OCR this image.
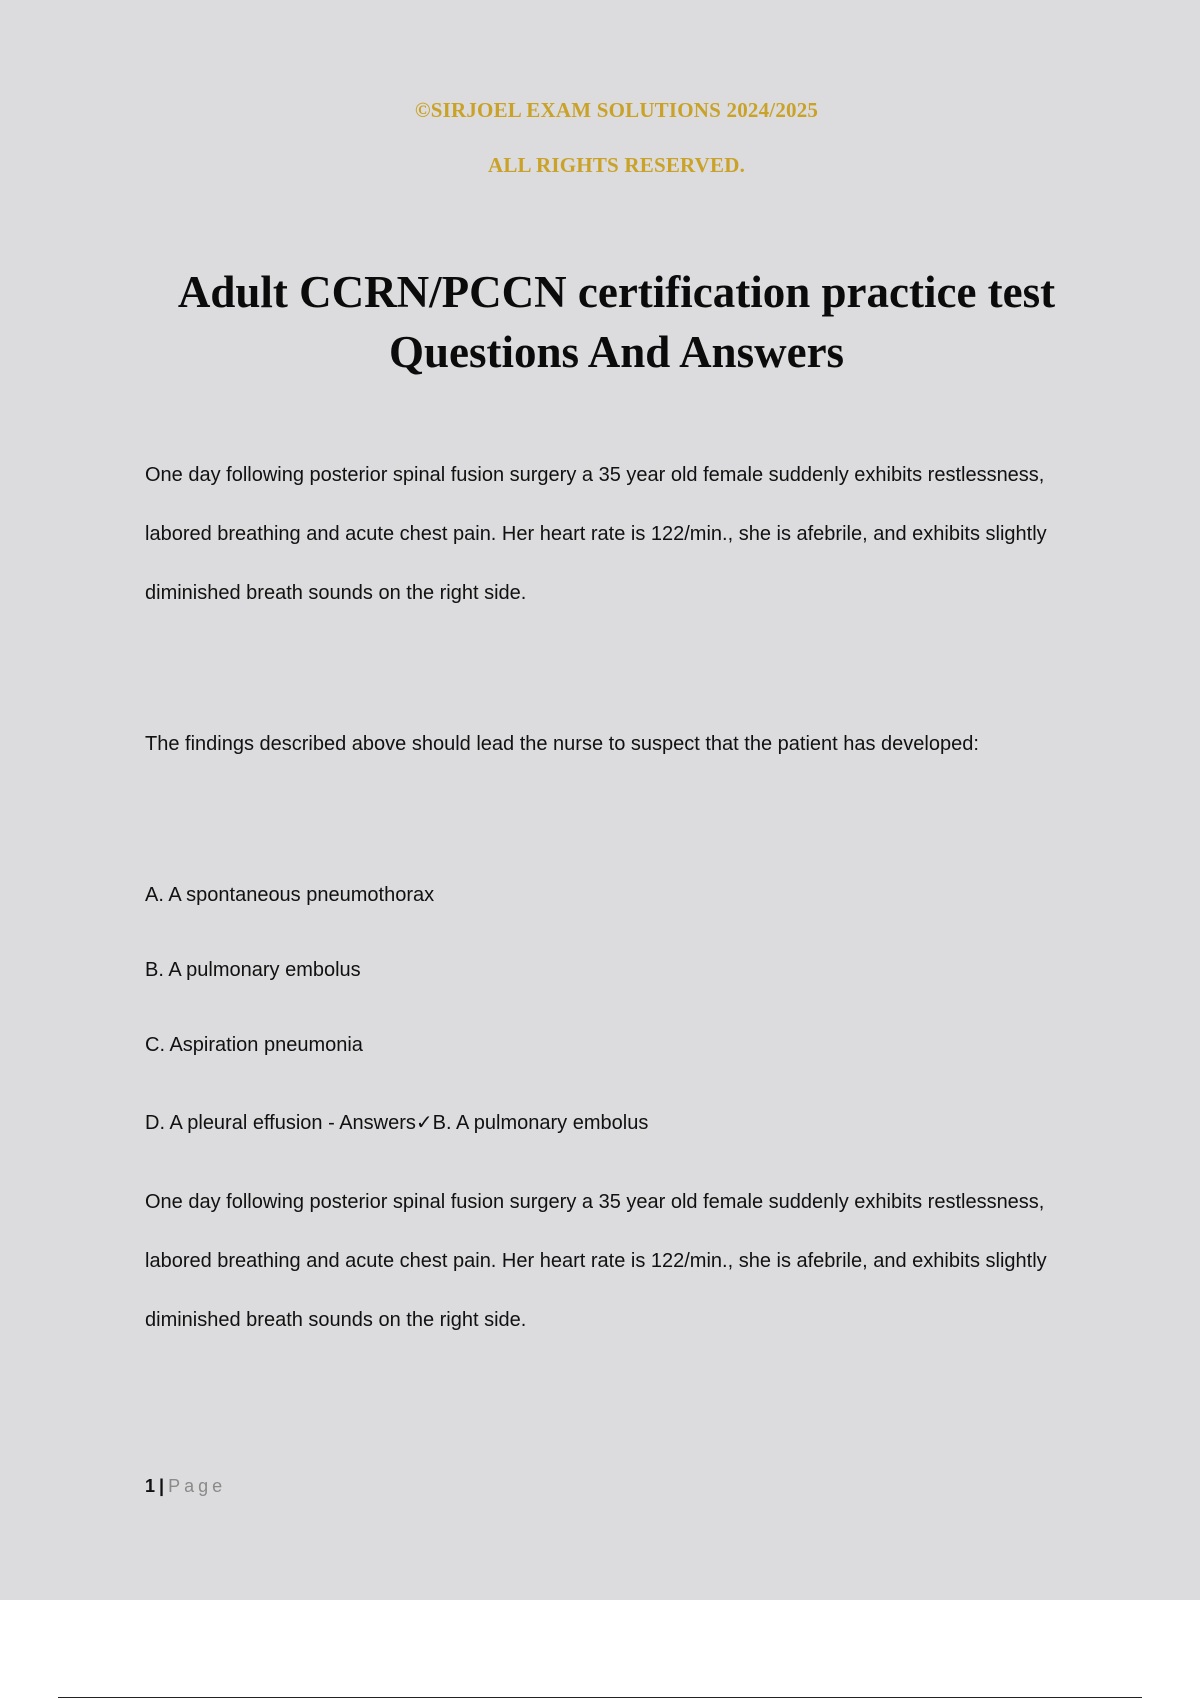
©SIRJOEL EXAM SOLUTIONS 2024/2025

ALL RIGHTS RESERVED.

Adult CCRN/PCCN certification practice test Questions And Answers

One day following posterior spinal fusion surgery a 35 year old female suddenly exhibits restlessness, labored breathing and acute chest pain. Her heart rate is 122/min., she is afebrile, and exhibits slightly diminished breath sounds on the right side.

The findings described above should lead the nurse to suspect that the patient has developed:

A. A spontaneous pneumothorax

B. A pulmonary embolus

C. Aspiration pneumonia

D. A pleural effusion - Answers✓B. A pulmonary embolus

One day following posterior spinal fusion surgery a 35 year old female suddenly exhibits restlessness, labored breathing and acute chest pain. Her heart rate is 122/min., she is afebrile, and exhibits slightly diminished breath sounds on the right side.

1 | Page
